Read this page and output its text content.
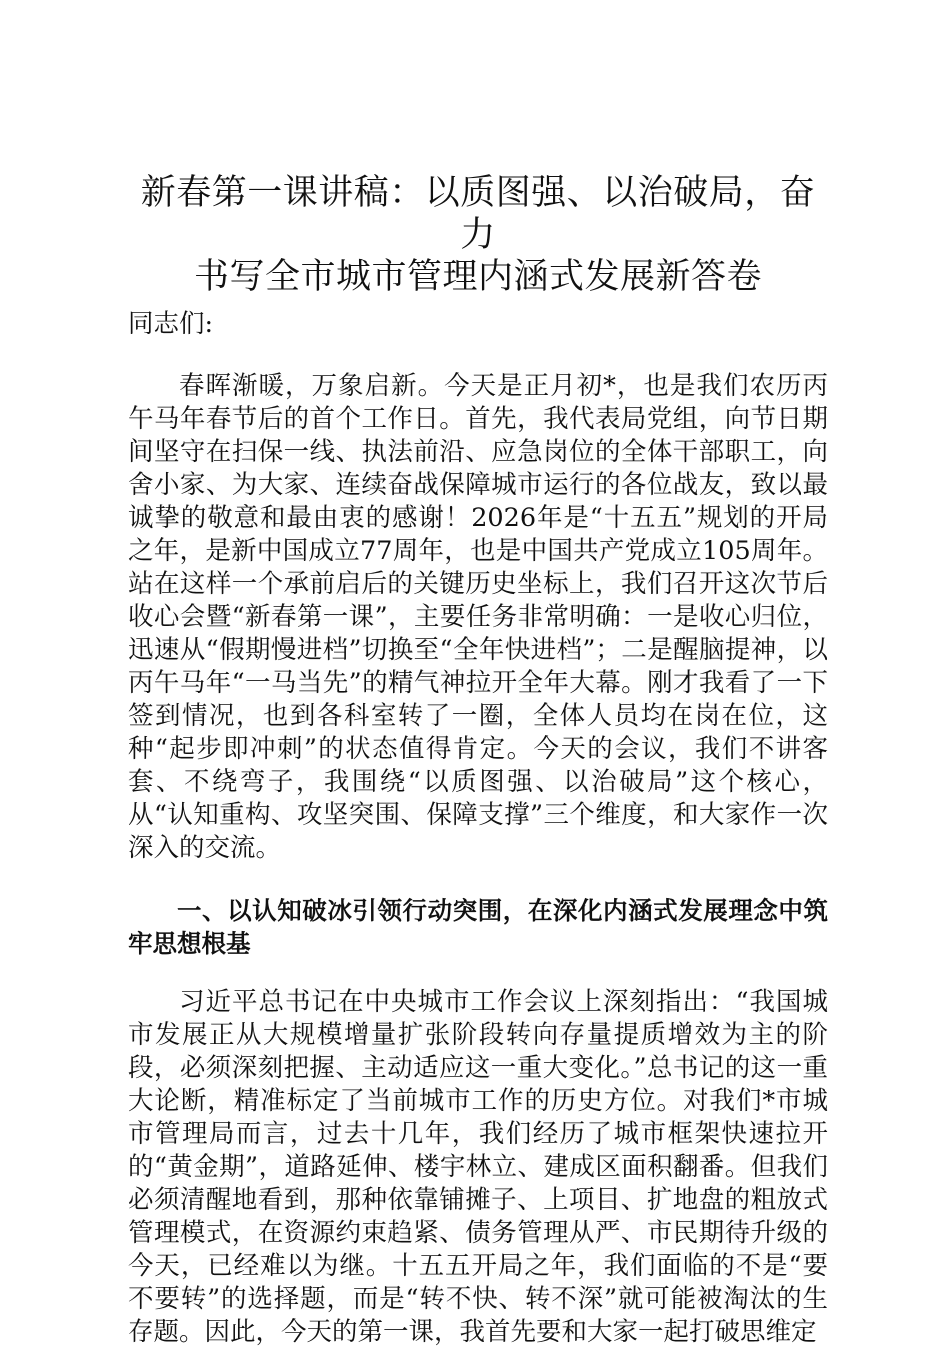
新春第一课讲稿：以质图强、以治破局，奋力
书写全市城市管理内涵式发展新答卷
同志们:

春晖渐暖，万象启新。今天是正月初*，也是我们农历丙午马年春节后的首个工作日。首先，我代表局党组，向节日期间坚守在扫保一线、执法前沿、应急岗位的全体干部职工，向舍小家、为大家、连续奋战保障城市运行的各位战友，致以最诚挚的敬意和最由衷的感谢！2026年是“十五五”规划的开局之年，是新中国成立77周年，也是中国共产党成立105周年。站在这样一个承前启后的关键历史坐标上，我们召开这次节后收心会暨“新春第一课”，主要任务非常明确：一是收心归位，迅速从“假期慢进档”切换至“全年快进档”；二是醒脑提神，以丙午马年“一马当先”的精气神拉开全年大幕。刚才我看了一下签到情况，也到各科室转了一圈，全体人员均在岗在位，这种“起步即冲刺”的状态值得肯定。今天的会议，我们不讲客套、不绕弯子，我围绕“以质图强、以治破局”这个核心，从“认知重构、攻坚突围、保障支撑”三个维度，和大家作一次深入的交流。

一、以认知破冰引领行动突围，在深化内涵式发展理念中筑牢思想根基

习近平总书记在中央城市工作会议上深刻指出：“我国城市发展正从大规模增量扩张阶段转向存量提质增效为主的阶段，必须深刻把握、主动适应这一重大变化。”总书记的这一重大论断，精准标定了当前城市工作的历史方位。对我们*市城市管理局而言，过去十几年，我们经历了城市框架快速拉开的“黄金期”，道路延伸、楼宇林立、建成区面积翻番。但我们必须清醒地看到，那种依靠铺摊子、上项目、扩地盘的粗放式管理模式，在资源约束趋紧、债务管理从严、市民期待升级的今天，已经难以为继。十五五开局之年，我们面临的不是“要不要转”的选择题，而是“转不快、转不深”就可能被淘汰的生存题。因此，今天的第一课，我首先要和大家一起打破思维定
